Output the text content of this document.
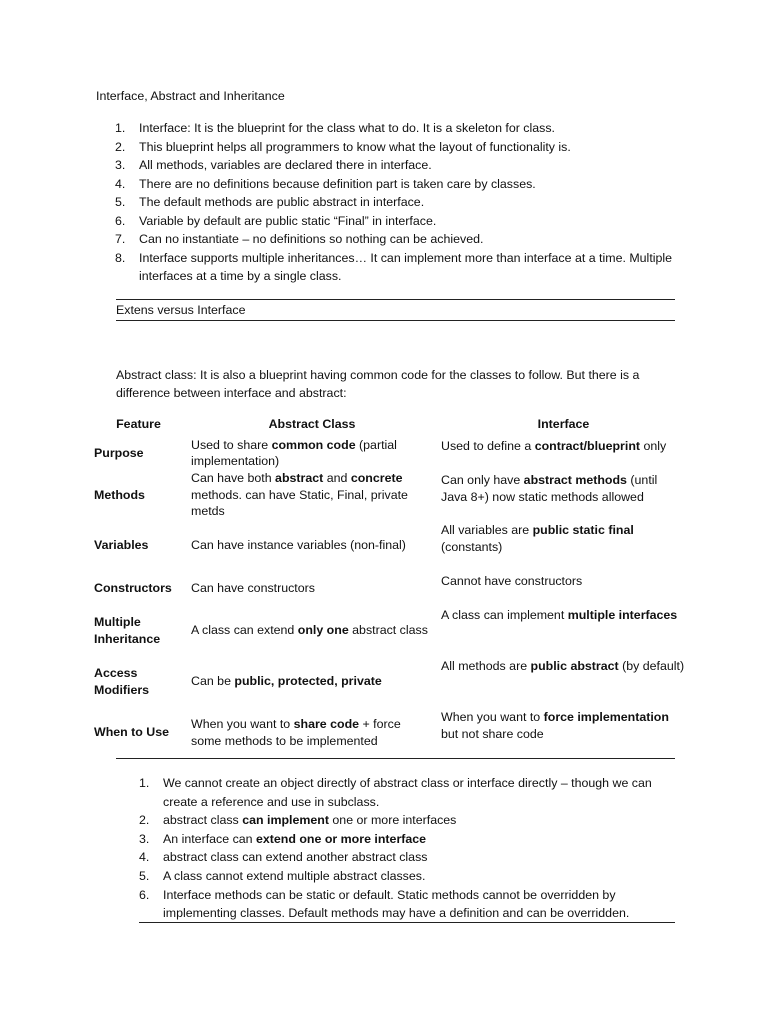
Interface, Abstract and Inheritance
1. Interface: It is the blueprint for the class what to do. It is a skeleton for class.
2. This blueprint helps all programmers to know what the layout of functionality is.
3. All methods, variables are declared there in interface.
4. There are no definitions because definition part is taken care by classes.
5. The default methods are public abstract in interface.
6. Variable by default are public static “Final” in interface.
7. Can no instantiate – no definitions so nothing can be achieved.
8. Interface supports multiple inheritances… It can implement more than interface at a time. Multiple interfaces at a time by a single class.
Extens versus Interface
Abstract class: It is also a blueprint having common code for the classes to follow. But there is a difference between interface and abstract:
Feature	Abstract Class	Interface
Purpose	Used to share common code (partial implementation)	Used to define a contract/blueprint only
Methods	Can have both abstract and concrete methods. can have Static, Final, private metds	Can only have abstract methods (until Java 8+) now static methods allowed
Variables	Can have instance variables (non-final)	All variables are public static final (constants)
Constructors	Can have constructors	Cannot have constructors
Multiple Inheritance	A class can extend only one abstract class	A class can implement multiple interfaces
Access Modifiers	Can be public, protected, private	All methods are public abstract (by default)
When to Use	When you want to share code + force some methods to be implemented	When you want to force implementation but not share code
1. We cannot create an object directly of abstract class or interface directly – though we can create a reference and use in subclass.
2. abstract class can implement one or more interfaces
3. An interface can extend one or more interface
4. abstract class can extend another abstract class
5. A class cannot extend multiple abstract classes.
6. Interface methods can be static or default. Static methods cannot be overridden by implementing classes. Default methods may have a definition and can be overridden.
